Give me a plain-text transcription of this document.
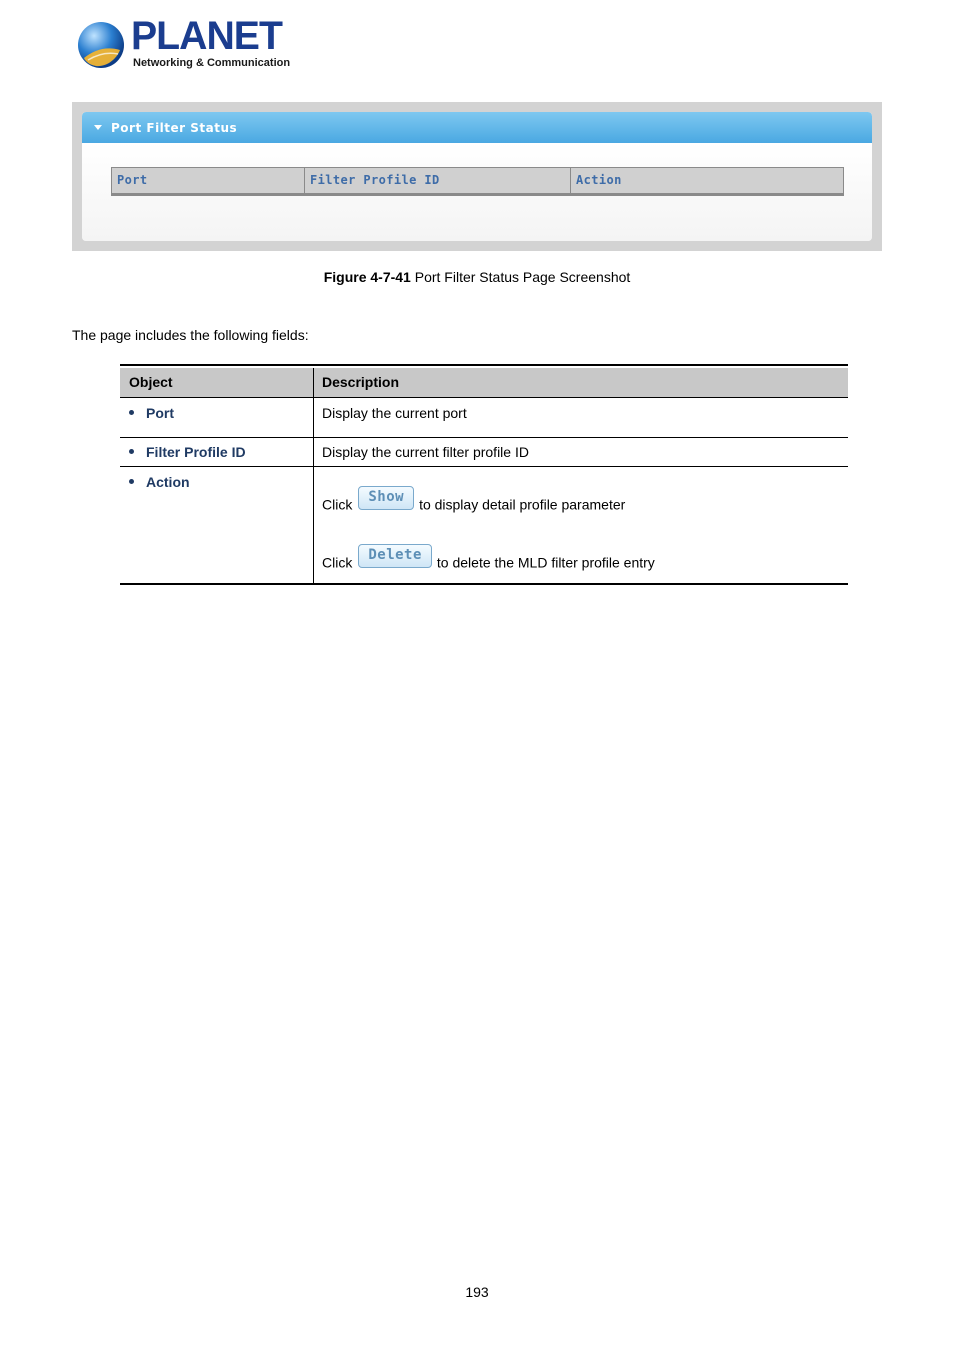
PLANET
Networking & Communication
Port Filter Status
Port	Filter Profile ID	Action
Figure 4-7-41 Port Filter Status Page Screenshot
The page includes the following fields:
Object	Description
Port	Display the current port
Filter Profile ID	Display the current filter profile ID
Action
Click Show to display detail profile parameter
Click Delete to delete the MLD filter profile entry
193
